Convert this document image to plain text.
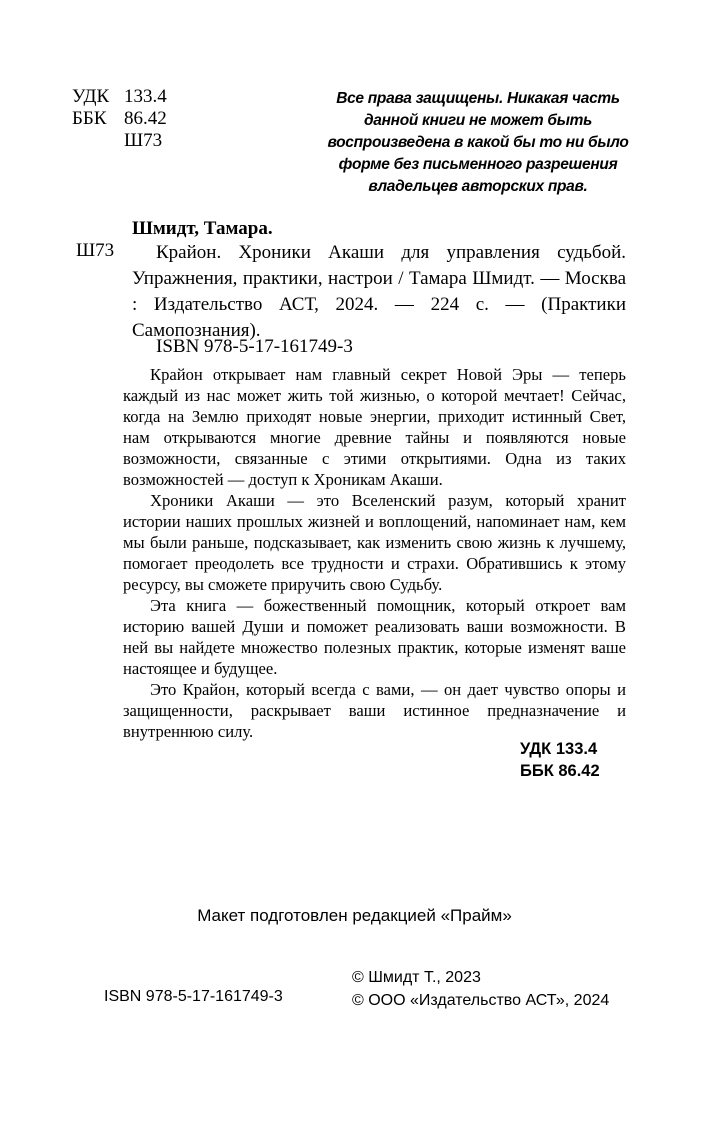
УДК 133.4
ББК 86.42
Ш73
Все права защищены. Никакая часть данной книги не может быть воспроизведена в какой бы то ни было форме без письменного разрешения владельцев авторских прав.
Шмидт, Тамара.
Ш73	Крайон. Хроники Акаши для управления судьбой. Упражнения, практики, настрои / Тамара Шмидт. — Москва : Издательство АСТ, 2024. — 224 с. — (Практики Самопознания).
ISBN 978-5-17-161749-3

Крайон открывает нам главный секрет Новой Эры — теперь каждый из нас может жить той жизнью, о которой мечтает! Сейчас, когда на Землю приходят новые энергии, приходит истинный Свет, нам открываются многие древние тайны и появляются новые возможности, связанные с этими открытиями. Одна из таких возможностей — доступ к Хроникам Акаши.

Хроники Акаши — это Вселенский разум, который хранит истории наших прошлых жизней и воплощений, напоминает нам, кем мы были раньше, подсказывает, как изменить свою жизнь к лучшему, помогает преодолеть все трудности и страхи. Обратившись к этому ресурсу, вы сможете приручить свою Судьбу.

Эта книга — божественный помощник, который откроет вам историю вашей Души и поможет реализовать ваши возможности. В ней вы найдете множество полезных практик, которые изменят ваше настоящее и будущее.

Это Крайон, который всегда с вами, — он дает чувство опоры и защищенности, раскрывает ваши истинное предназначение и внутреннюю силу.

УДК 133.4
ББК 86.42
Макет подготовлен редакцией «Прайм»
© Шмидт Т., 2023
© ООО «Издательство АСТ», 2024
ISBN 978-5-17-161749-3
